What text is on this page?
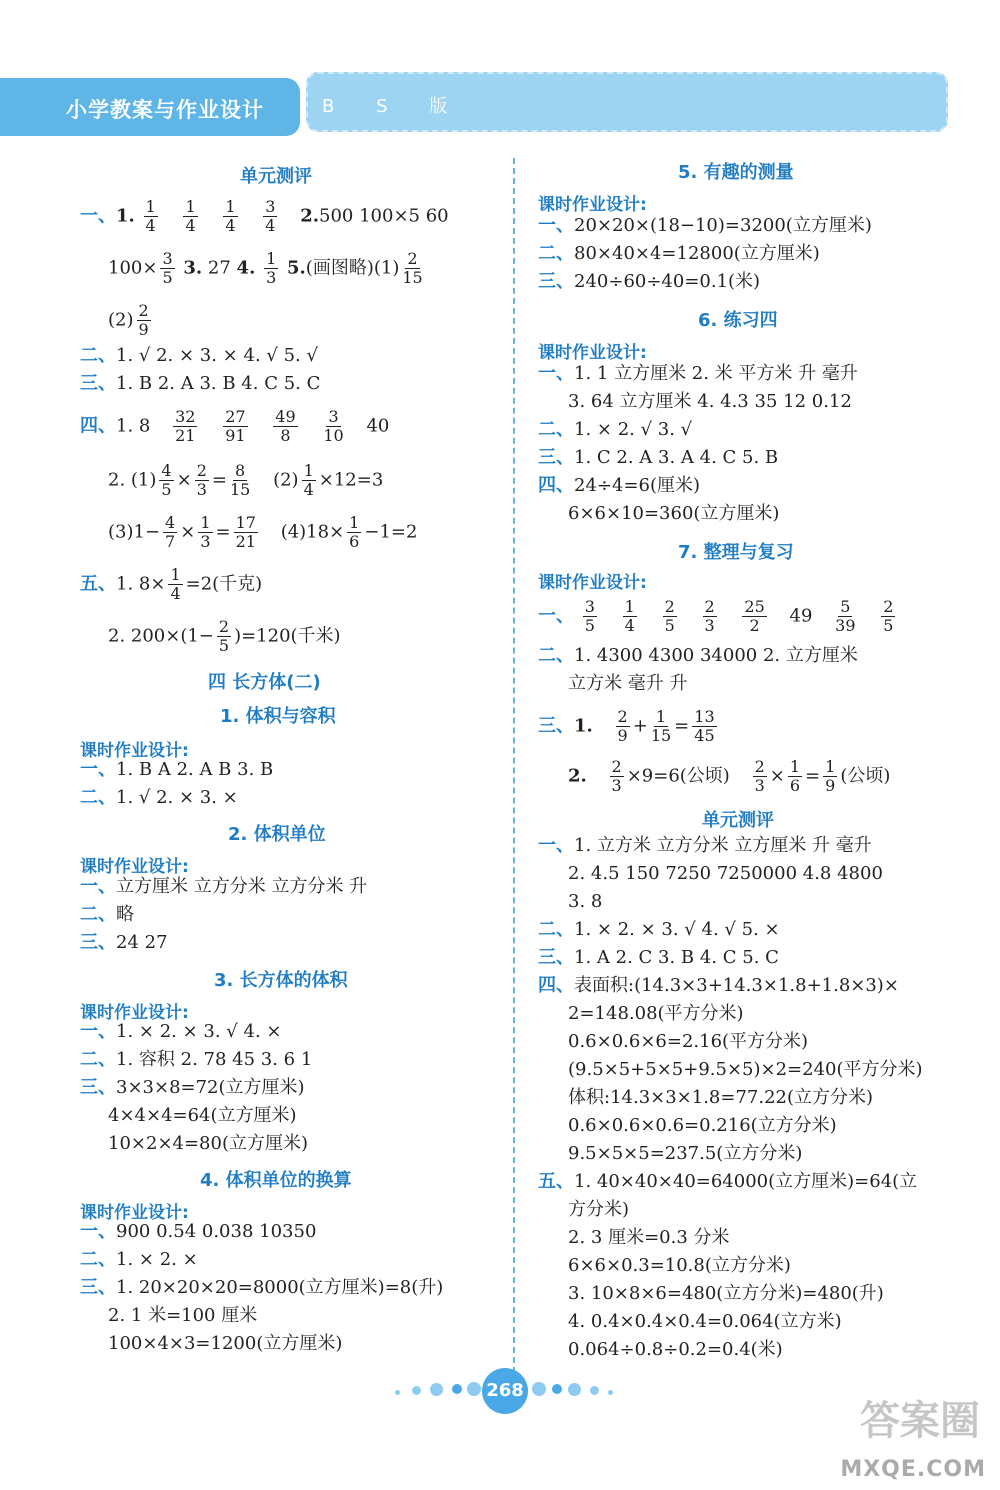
小学教案与作业设计	B S 版
单元测评
一、1. $\frac{1}{4}$
$\frac{1}{4}$
$\frac{1}{4}$
$\frac{3}{4} 2.500$ 100×5 60
$100\times \frac{3}{5} 3$. 27 4. $\frac{1}{3} 5$.(画图略)$(1) \frac{2}{15}$
$(2) \frac{2}{9}$
二、1. √ 2. × 3. × 4. √ 5. √
三、1. B 2. A 3. B 4. C 5. C
四、1. $8 \frac{32}{21}$
$\frac{27}{91}$
$\frac{49}{8}$
$\frac{3}{10} 40$
2. $(1) \frac{4}{5} \times \frac{2}{3} = \frac{8}{15} (2) \frac{1}{4} \times 12=3$
$(3)1- \frac{4}{7} \times \frac{1}{3} = \frac{17}{21} (4)18\times \frac{1}{6} -1=2$
五、1. $8\times \frac{1}{4} =2$(千克)
2. $200\times(1- \frac{2}{5} )=120$(千米)
四 长方体(二)
1. 体积与容积
课时作业设计:
一、1. B A 2. A B 3. B
二、1. √ 2. × 3. ×
2. 体积单位
课时作业设计:
一、立方厘米 立方分米 立方分米 升
二、略
三、24 27
3. 长方体的体积
课时作业设计:
一、1. × 2. × 3. √ 4. ×
二、1. 容积 2. 78 45 3. 6 1
三、3×3×8=72(立方厘米)
4×4×4=64(立方厘米)
10×2×4=80(立方厘米)
4. 体积单位的换算
课时作业设计:
一、900 0.54 0.038 10350
二、1. × 2. ×
三、1. 20×20×20=8000(立方厘米)=8(升)
2. 1 米=100 厘米
100×4×3=1200(立方厘米)
5. 有趣的测量
课时作业设计:
一、20×20×(18−10)=3200(立方厘米)
二、80×40×4=12800(立方厘米)
三、240÷60÷40=0.1(米)
6. 练习四
课时作业设计:
一、1. 1 立方厘米 2. 米 平方米 升 毫升
3. 64 立方厘米 4. 4.3 35 12 0.12
二、1. × 2. √ 3. √
三、1. C 2. A 3. A 4. C 5. B
四、24÷4=6(厘米)
6×6×10=360(立方厘米)
7. 整理与复习
课时作业设计:
一、 $\frac{3}{5}$
$\frac{1}{4}$
$\frac{2}{5}$
$\frac{2}{3}$
$\frac{25}{2} 49 \frac{5}{39}$
$\frac{2}{5}$
二、1. 4300 4300 34000 2. 立方厘米
立方米 毫升 升
三、1. $\frac{2}{9} + \frac{1}{15} = \frac{13}{45}$
2. $\frac{2}{3} \times 9=6$(公顷) $\frac{2}{3} \times \frac{1}{6} = \frac{1}{9}$ (公顷)
单元测评
一、1. 立方米 立方分米 立方厘米 升 毫升
2. 4.5 150 7250 7250000 4.8 4800
3. 8
二、1. × 2. × 3. √ 4. √ 5. ×
三、1. A 2. C 3. B 4. C 5. C
四、表面积:(14.3×3+14.3×1.8+1.8×3)×
2=148.08(平方分米)
0.6×0.6×6=2.16(平方分米)
(9.5×5+5×5+9.5×5)×2=240(平方分米)
体积:14.3×3×1.8=77.22(立方分米)
0.6×0.6×0.6=0.216(立方分米)
9.5×5×5=237.5(立方分米)
五、1. 40×40×40=64000(立方厘米)=64(立
方分米)
2. 3 厘米=0.3 分米
6×6×0.3=10.8(立方分米)
3. 10×8×6=480(立方分米)=480(升)
4. 0.4×0.4×0.4=0.064(立方米)
0.064÷0.8÷0.2=0.4(米)
268
答案圈
MXQE.COM
